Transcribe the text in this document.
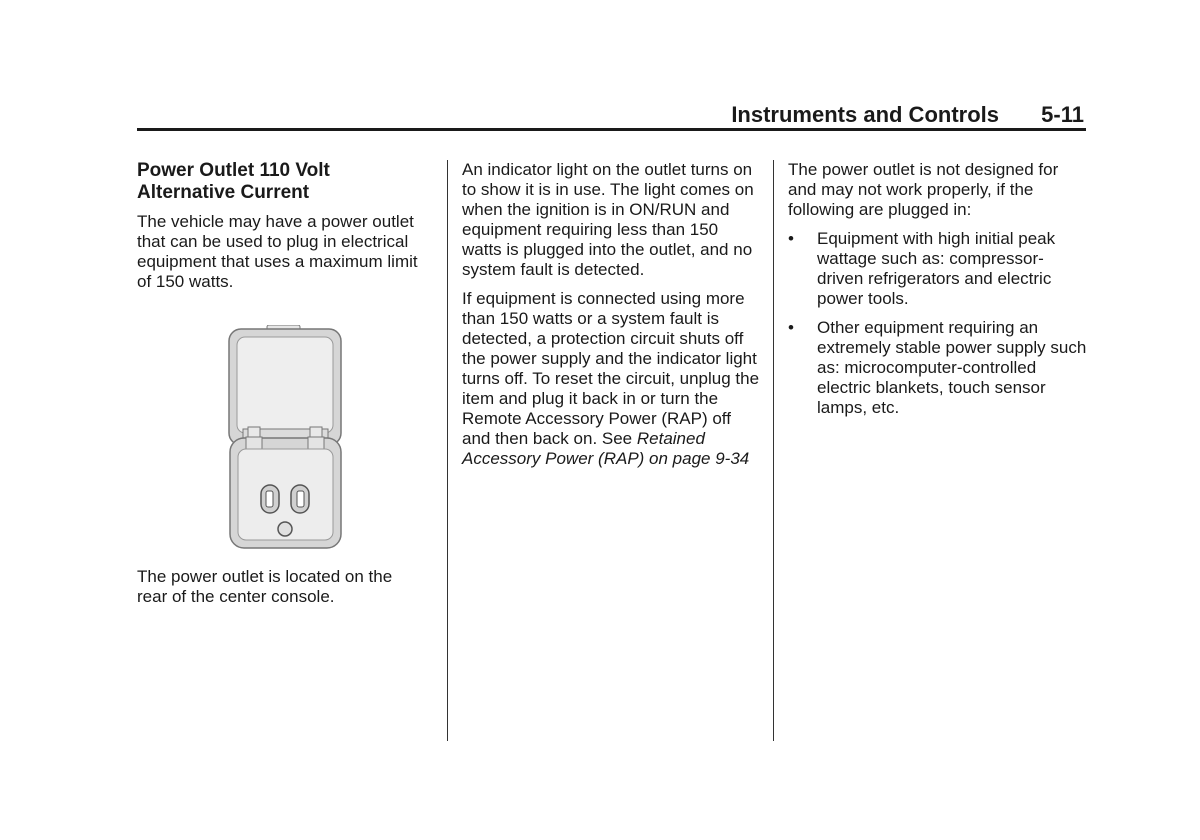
Instruments and Controls 5-11
Power Outlet 110 Volt Alternative Current

The vehicle may have a power outlet that can be used to plug in electrical equipment that uses a maximum limit of 150 watts.

The power outlet is located on the rear of the center console.

An indicator light on the outlet turns on to show it is in use. The light comes on when the ignition is in ON/RUN and equipment requiring less than 150 watts is plugged into the outlet, and no system fault is detected.

If equipment is connected using more than 150 watts or a system fault is detected, a protection circuit shuts off the power supply and the indicator light turns off. To reset the circuit, unplug the item and plug it back in or turn the Remote Accessory Power (RAP) off and then back on. See Retained Accessory Power (RAP) on page 9-34

The power outlet is not designed for and may not work properly, if the following are plugged in:

• Equipment with high initial peak wattage such as: compressor-driven refrigerators and electric power tools.
• Other equipment requiring an extremely stable power supply such as: microcomputer-controlled electric blankets, touch sensor lamps, etc.
